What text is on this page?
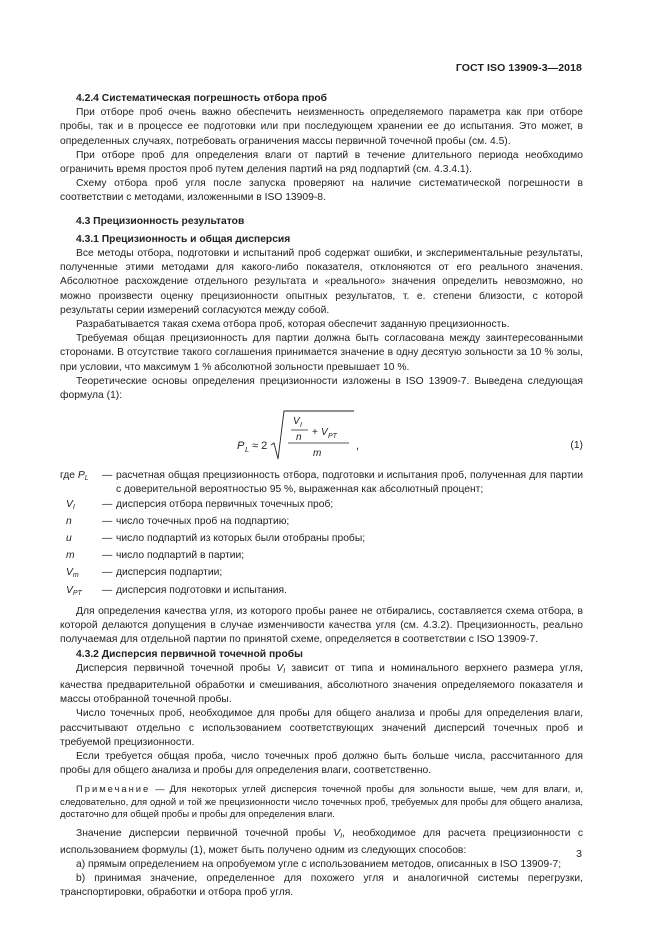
ГОСТ ISO 13909-3—2018

4.2.4 Систематическая погрешность отбора проб

При отборе проб очень важно обеспечить неизменность определяемого параметра как при отборе пробы, так и в процессе ее подготовки или при последующем хранении ее до испытания. Это может, в определенных случаях, потребовать ограничения массы первичной точечной пробы (см. 4.5).

При отборе проб для определения влаги от партий в течение длительного периода необходимо ограничить время простоя проб путем деления партий на ряд подпартий (см. 4.3.4.1).

Схему отбора проб угля после запуска проверяют на наличие систематической погрешности в соответствии с методами, изложенными в ISO 13909-8.

4.3 Прецизионность результатов

4.3.1 Прецизионность и общая дисперсия

Все методы отбора, подготовки и испытаний проб содержат ошибки, и экспериментальные результаты, полученные этими методами для какого-либо показателя, отклоняются от его реального значения. Абсолютное расхождение отдельного результата и «реального» значения определить невозможно, но можно произвести оценку прецизионности опытных результатов, т. е. степени близости, с которой результаты серии измерений согласуются между собой.

Разрабатывается такая схема отбора проб, которая обеспечит заданную прецизионность.

Требуемая общая прецизионность для партии должна быть согласована между заинтересованными сторонами. В отсутствие такого соглашения принимается значение в одну десятую зольности за 10 % золы, при условии, что максимум 1 % абсолютной зольности превышает 10 %.

Теоретические основы определения прецизионности изложены в ISO 13909-7. Выведена следующая формула (1):

P L ≈ 2
V I
n + V PT
m
,	(1)
где $P_L$	— расчетная общая прецизионность отбора, подготовки и испытания проб, полученная для партии с доверительной вероятностью 95 %, выраженная как абсолютный процент;
$V_I$	— дисперсия отбора первичных точечных проб;
n	— число точечных проб на подпартию;
u	— число подпартий из которых были отобраны пробы;
m	— число подпартий в партии;
$V_m$	— дисперсия подпартии;
$V_{PT}$	— дисперсия подготовки и испытания.

Для определения качества угля, из которого пробы ранее не отбирались, составляется схема отбора, в которой делаются допущения в случае изменчивости качества угля (см. 4.3.2). Прецизионность, реально получаемая для отдельной партии по принятой схеме, определяется в соответствии с ISO 13909-7.

4.3.2 Дисперсия первичной точечной пробы

Дисперсия первичной точечной пробы $V_I$ зависит от типа и номинального верхнего размера угля, качества предварительной обработки и смешивания, абсолютного значения определяемого показателя и массы отобранной точечной пробы.

Число точечных проб, необходимое для пробы для общего анализа и пробы для определения влаги, рассчитывают отдельно с использованием соответствующих значений дисперсий точечных проб и требуемой прецизионности.

Если требуется общая проба, число точечных проб должно быть больше числа, рассчитанного для пробы для общего анализа и пробы для определения влаги, соответственно.

Примечание — Для некоторых углей дисперсия точечной пробы для зольности выше, чем для влаги, и, следовательно, для одной и той же прецизионности число точечных проб, требуемых для пробы для общего анализа, достаточно для общей пробы и пробы для определения влаги.

Значение дисперсии первичной точечной пробы $V_I$, необходимое для расчета прецизионности с использованием формулы (1), может быть получено одним из следующих способов:

a) прямым определением на опробуемом угле с использованием методов, описанных в ISO 13909-7;

b) принимая значение, определенное для похожего угля и аналогичной системы перегрузки, транспортировки, обработки и отбора проб угля.

3
